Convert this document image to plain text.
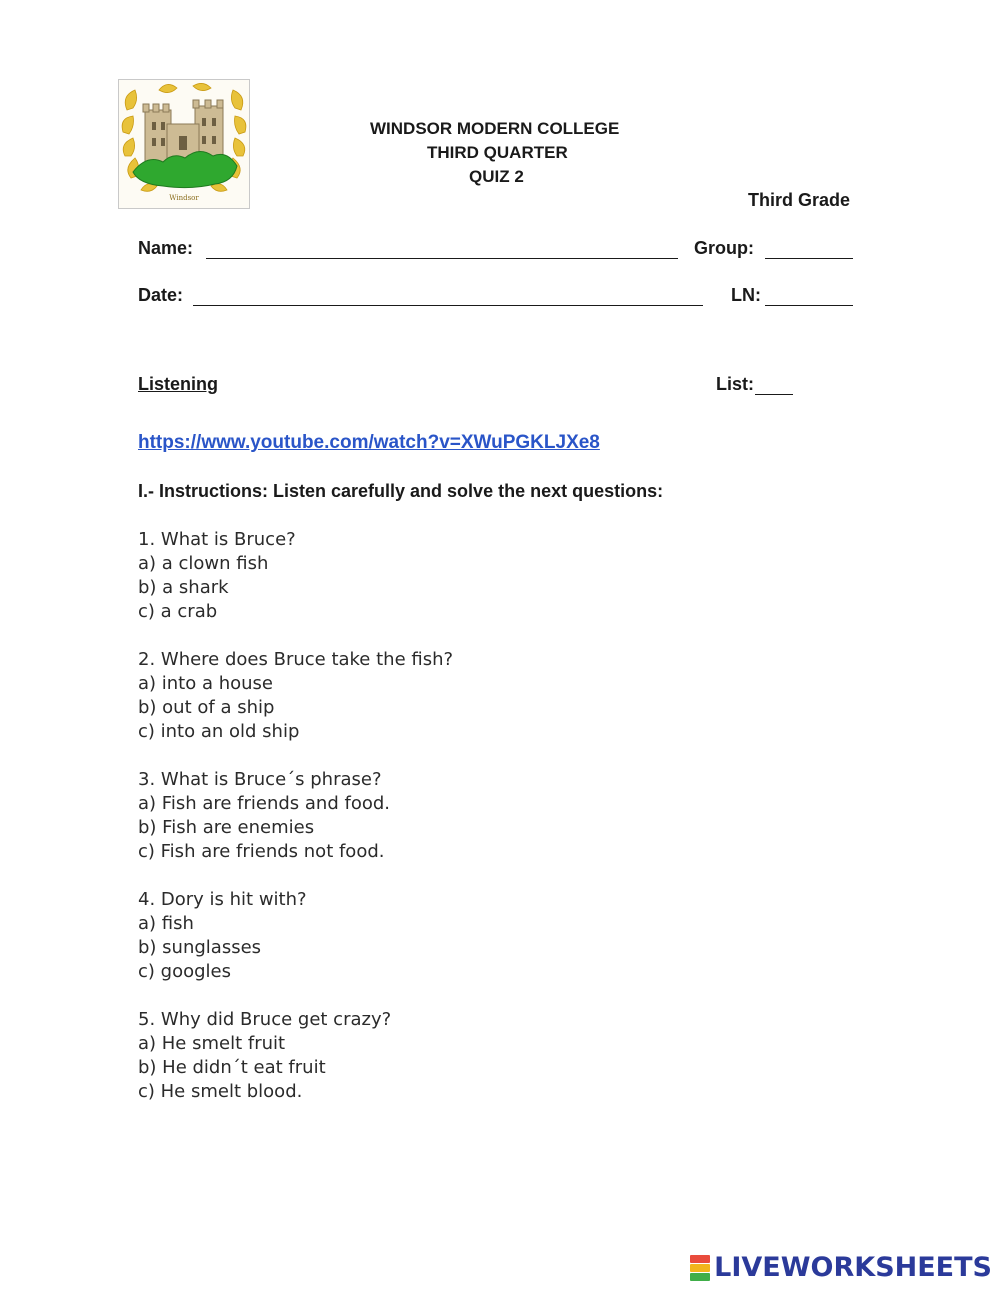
Windsor
WINDSOR MODERN COLLEGE
THIRD QUARTER
QUIZ 2
Third Grade
Name:	Group:
Date:	LN:
Listening	List:
https://www.youtube.com/watch?v=XWuPGKLJXe8
I.- Instructions: Listen carefully and solve the next questions:
1. What is Bruce?
a) a clown fish
b) a shark
c) a crab
2. Where does Bruce take the fish?
a) into a house
b) out of a ship
c) into an old ship
3. What is Bruce´s phrase?
a) Fish are friends and food.
b) Fish are enemies
c) Fish are friends not food.
4. Dory is hit with?
a) fish
b) sunglasses
c) googles
5. Why did Bruce get crazy?
a) He smelt fruit
b) He didn´t eat fruit
c) He smelt blood.
LIVEWORKSHEETS
